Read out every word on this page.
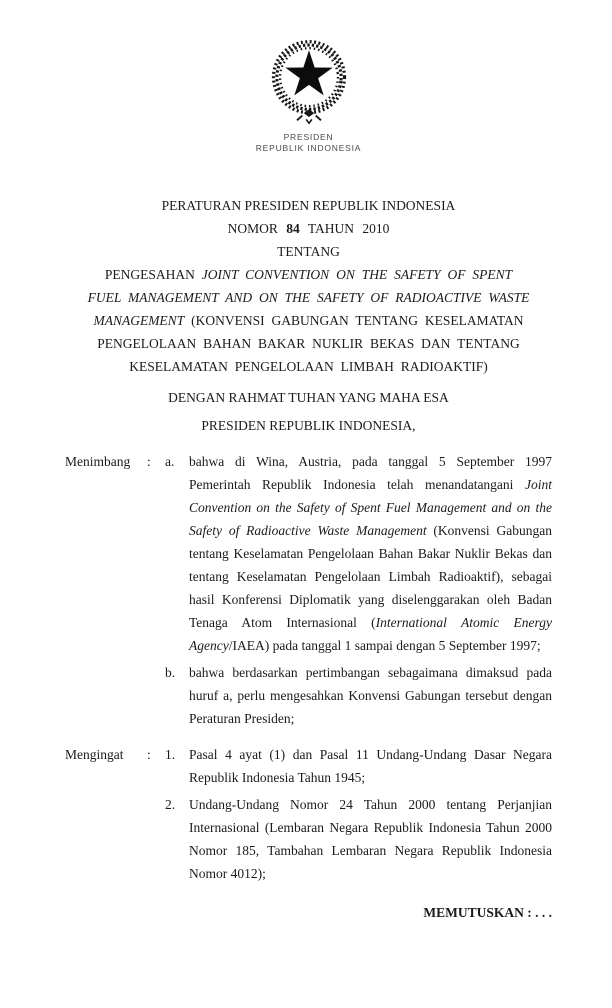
PRESIDEN
REPUBLIK INDONESIA
PERATURAN PRESIDEN REPUBLIK INDONESIA
NOMOR 84 TAHUN 2010
TENTANG
PENGESAHAN JOINT CONVENTION ON THE SAFETY OF SPENT FUEL MANAGEMENT AND ON THE SAFETY OF RADIOACTIVE WASTE MANAGEMENT (KONVENSI GABUNGAN TENTANG KESELAMATAN PENGELOLAAN BAHAN BAKAR NUKLIR BEKAS DAN TENTANG KESELAMATAN PENGELOLAAN LIMBAH RADIOAKTIF)
DENGAN RAHMAT TUHAN YANG MAHA ESA
PRESIDEN REPUBLIK INDONESIA,
Menimbang	:	a.	bahwa di Wina, Austria, pada tanggal 5 September 1997 Pemerintah Republik Indonesia telah menandatangani Joint Convention on the Safety of Spent Fuel Management and on the Safety of Radioactive Waste Management (Konvensi Gabungan tentang Keselamatan Pengelolaan Bahan Bakar Nuklir Bekas dan tentang Keselamatan Pengelolaan Limbah Radioaktif), sebagai hasil Konferensi Diplomatik yang diselenggarakan oleh Badan Tenaga Atom Internasional (International Atomic Energy Agency/IAEA) pada tanggal 1 sampai dengan 5 September 1997;
b.	bahwa berdasarkan pertimbangan sebagaimana dimaksud pada huruf a, perlu mengesahkan Konvensi Gabungan tersebut dengan Peraturan Presiden;
Mengingat	:	1.	Pasal 4 ayat (1) dan Pasal 11 Undang-Undang Dasar Negara Republik Indonesia Tahun 1945;
2.	Undang-Undang Nomor 24 Tahun 2000 tentang Perjanjian Internasional (Lembaran Negara Republik Indonesia Tahun 2000 Nomor 185, Tambahan Lembaran Negara Republik Indonesia Nomor 4012);
MEMUTUSKAN : . . .
